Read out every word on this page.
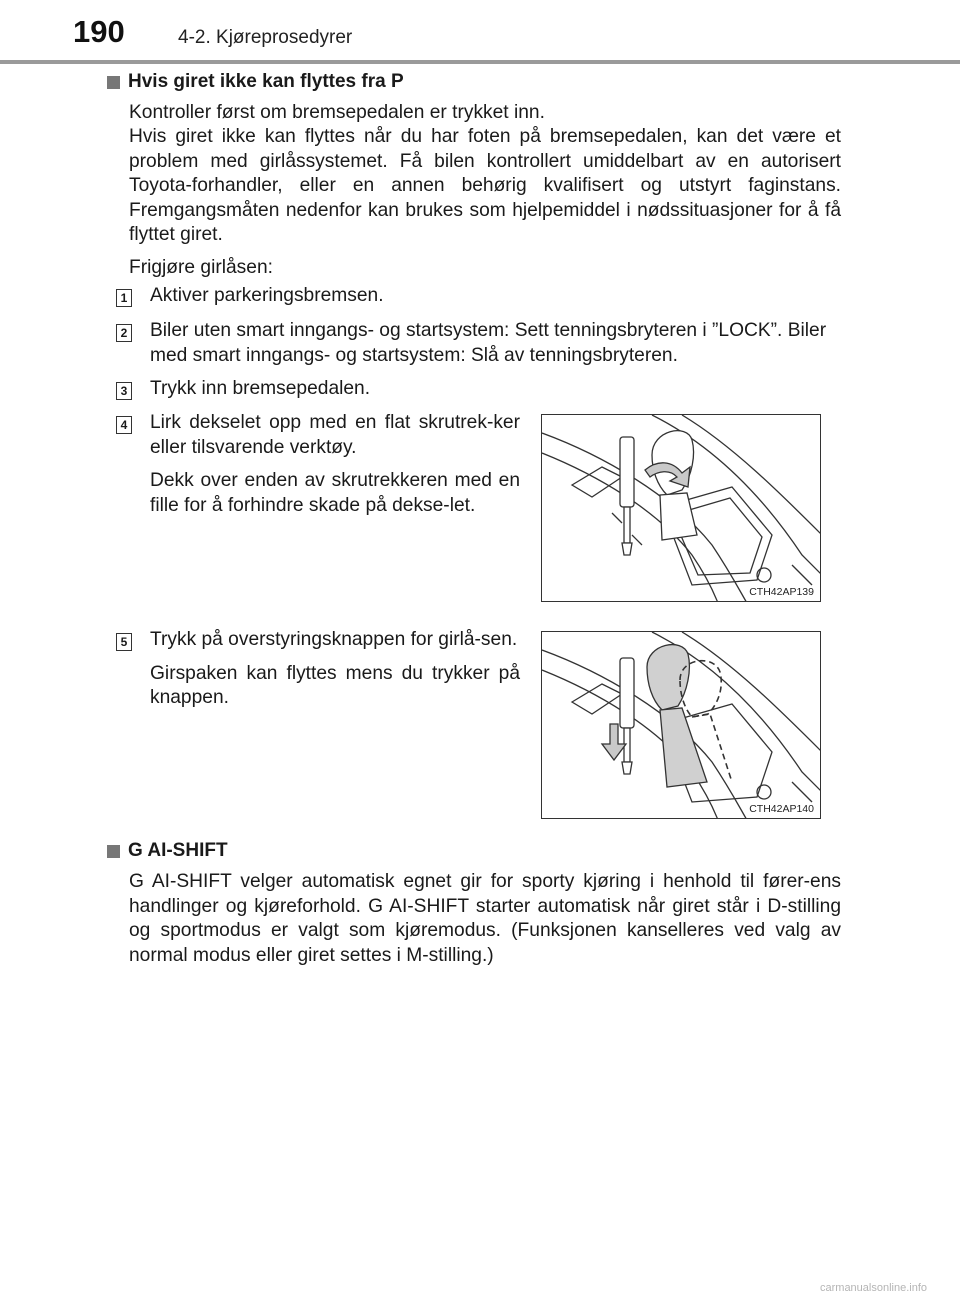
190	4-2. Kjøreprosedyrer
Hvis giret ikke kan flyttes fra P

Kontroller først om bremsepedalen er trykket inn.

Hvis giret ikke kan flyttes når du har foten på bremsepedalen, kan det være et problem med girlåssystemet. Få bilen kontrollert umiddelbart av en autorisert Toyota-forhandler, eller en annen behørig kvalifisert og utstyrt faginstans. Fremgangsmåten nedenfor kan brukes som hjelpemiddel i nødssituasjoner for å få flyttet giret.

Frigjøre girlåsen:

1 Aktiver parkeringsbremsen.
2 Biler uten smart inngangs- og startsystem: Sett tenningsbryteren i ”LOCK”. Biler med smart inngangs- og startsystem: Slå av tenningsbryteren.
3 Trykk inn bremsepedalen.
4 Lirk dekselet opp med en flat skrutrek-ker eller tilsvarende verktøy.

Dekk over enden av skrutrekkeren med en fille for å forhindre skade på dekse-let.

CTH42AP139
5 Trykk på overstyringsknappen for girlå-sen.

Girspaken kan flyttes mens du trykker på knappen.

CTH42AP140
G AI-SHIFT

G AI-SHIFT velger automatisk egnet gir for sporty kjøring i henhold til fører-ens handlinger og kjøreforhold. G AI-SHIFT starter automatisk når giret står i D-stilling og sportmodus er valgt som kjøremodus. (Funksjonen kanselleres ved valg av normal modus eller giret settes i M-stilling.)

carmanualsonline.info
